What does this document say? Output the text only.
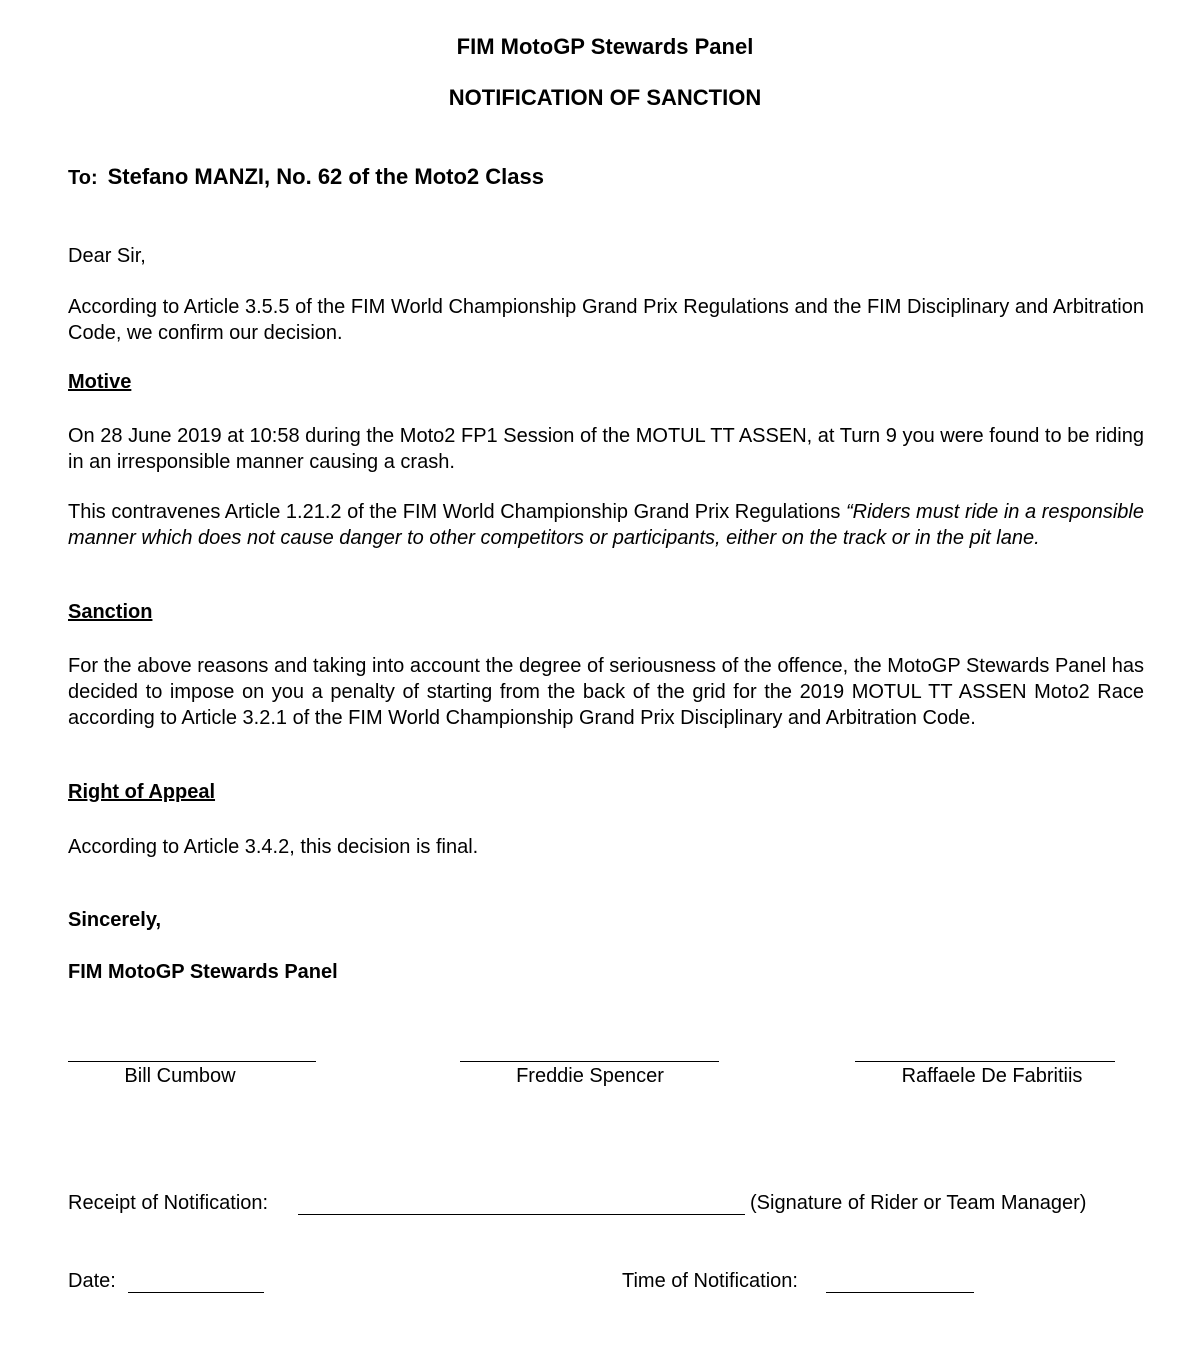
FIM MotoGP Stewards Panel
NOTIFICATION OF SANCTION
To: Stefano MANZI, No. 62 of the Moto2 Class
Dear Sir,
According to Article 3.5.5 of the FIM World Championship Grand Prix Regulations and the FIM Disciplinary and Arbitration Code, we confirm our decision.
Motive
On 28 June 2019 at 10:58 during the Moto2 FP1 Session of the MOTUL TT ASSEN, at Turn 9 you were found to be riding in an irresponsible manner causing a crash.
This contravenes Article 1.21.2 of the FIM World Championship Grand Prix Regulations “Riders must ride in a responsible manner which does not cause danger to other competitors or participants, either on the track or in the pit lane.
Sanction
For the above reasons and taking into account the degree of seriousness of the offence, the MotoGP Stewards Panel has decided to impose on you a penalty of starting from the back of the grid for the 2019 MOTUL TT ASSEN Moto2 Race according to Article 3.2.1 of the FIM World Championship Grand Prix Disciplinary and Arbitration Code.
Right of Appeal
According to Article 3.4.2, this decision is final.
Sincerely,
FIM MotoGP Stewards Panel
Bill Cumbow	Freddie Spencer	Raffaele De Fabritiis
Receipt of Notification:	(Signature of Rider or Team Manager)
Date:	Time of Notification:
